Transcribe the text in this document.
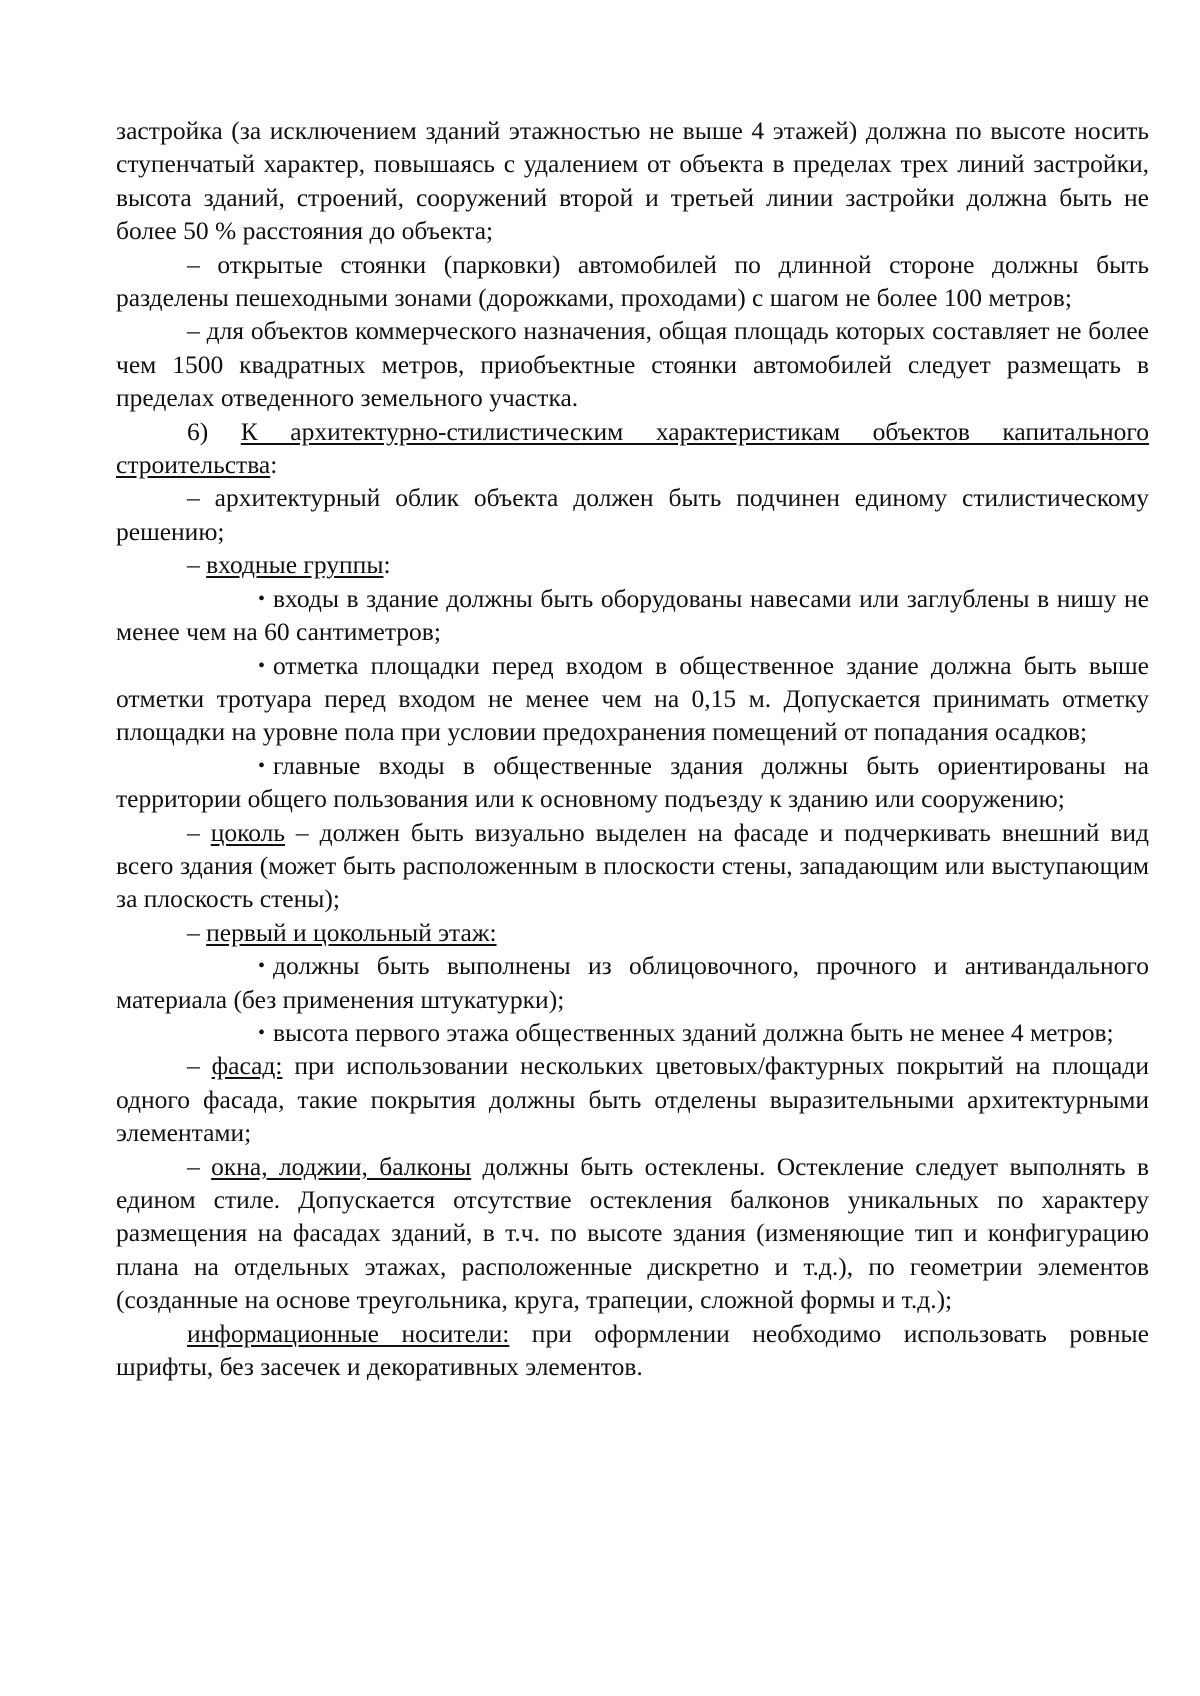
застройка (за исключением зданий этажностью не выше 4 этажей) должна по высоте носить ступенчатый характер, повышаясь с удалением от объекта в пределах трех линий застройки, высота зданий, строений, сооружений второй и третьей линии застройки должна быть не более 50 % расстояния до объекта;

– открытые стоянки (парковки) автомобилей по длинной стороне должны быть разделены пешеходными зонами (дорожками, проходами) с шагом не более 100 метров;

– для объектов коммерческого назначения, общая площадь которых составляет не более чем 1500 квадратных метров, приобъектные стоянки автомобилей следует размещать в пределах отведенного земельного участка.

6) К архитектурно-стилистическим характеристикам объектов капитального строительства:

– архитектурный облик объекта должен быть подчинен единому стилистическому решению;

– входные группы:

• входы в здание должны быть оборудованы навесами или заглублены в нишу не менее чем на 60 сантиметров;

• отметка площадки перед входом в общественное здание должна быть выше отметки тротуара перед входом не менее чем на 0,15 м. Допускается принимать отметку площадки на уровне пола при условии предохранения помещений от попадания осадков;

• главные входы в общественные здания должны быть ориентированы на территории общего пользования или к основному подъезду к зданию или сооружению;

– цоколь – должен быть визуально выделен на фасаде и подчеркивать внешний вид всего здания (может быть расположенным в плоскости стены, западающим или выступающим за плоскость стены);

– первый и цокольный этаж:

• должны быть выполнены из облицовочного, прочного и антивандального материала (без применения штукатурки);

• высота первого этажа общественных зданий должна быть не менее 4 метров;

– фасад: при использовании нескольких цветовых/фактурных покрытий на площади одного фасада, такие покрытия должны быть отделены выразительными архитектурными элементами;

– окна, лоджии, балконы должны быть остеклены. Остекление следует выполнять в едином стиле. Допускается отсутствие остекления балконов уникальных по характеру размещения на фасадах зданий, в т.ч. по высоте здания (изменяющие тип и конфигурацию плана на отдельных этажах, расположенные дискретно и т.д.), по геометрии элементов (созданные на основе треугольника, круга, трапеции, сложной формы и т.д.);

информационные носители: при оформлении необходимо использовать ровные шрифты, без засечек и декоративных элементов.
